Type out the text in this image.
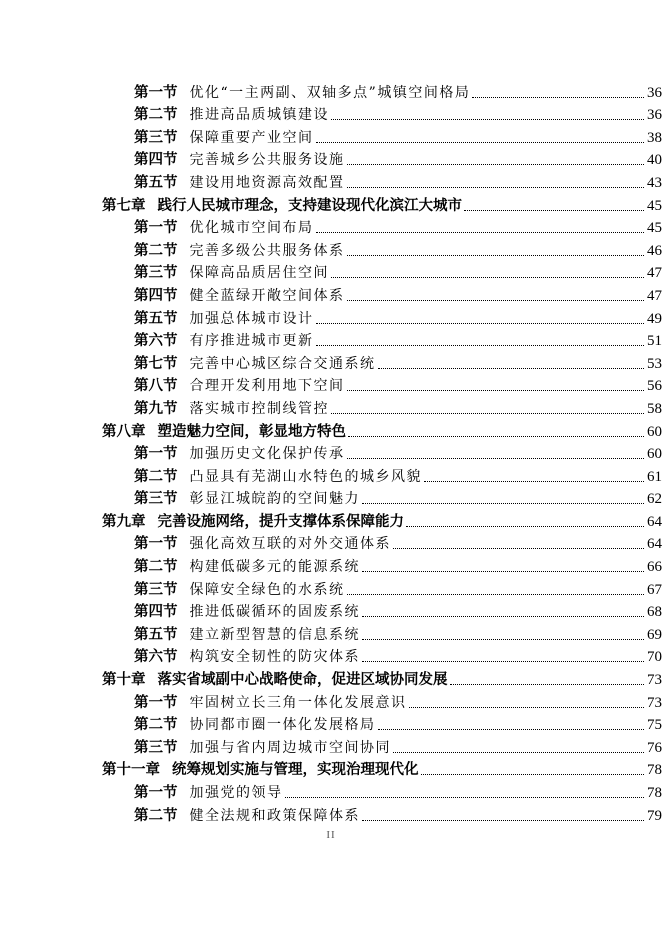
第一节 优化“一主两副、双轴多点”城镇空间格局	36
第二节 推进高品质城镇建设	36
第三节 保障重要产业空间	38
第四节 完善城乡公共服务设施	40
第五节 建设用地资源高效配置	43
第七章 践行人民城市理念，支持建设现代化滨江大城市	45
第一节 优化城市空间布局	45
第二节 完善多级公共服务体系	46
第三节 保障高品质居住空间	47
第四节 健全蓝绿开敞空间体系	47
第五节 加强总体城市设计	49
第六节 有序推进城市更新	51
第七节 完善中心城区综合交通系统	53
第八节 合理开发利用地下空间	56
第九节 落实城市控制线管控	58
第八章 塑造魅力空间，彰显地方特色	60
第一节 加强历史文化保护传承	60
第二节 凸显具有芜湖山水特色的城乡风貌	61
第三节 彰显江城皖韵的空间魅力	62
第九章 完善设施网络，提升支撑体系保障能力	64
第一节 强化高效互联的对外交通体系	64
第二节 构建低碳多元的能源系统	66
第三节 保障安全绿色的水系统	67
第四节 推进低碳循环的固废系统	68
第五节 建立新型智慧的信息系统	69
第六节 构筑安全韧性的防灾体系	70
第十章 落实省域副中心战略使命，促进区域协同发展	73
第一节 牢固树立长三角一体化发展意识	73
第二节 协同都市圈一体化发展格局	75
第三节 加强与省内周边城市空间协同	76
第十一章 统筹规划实施与管理，实现治理现代化	78
第一节 加强党的领导	78
第二节 健全法规和政策保障体系	79
II
